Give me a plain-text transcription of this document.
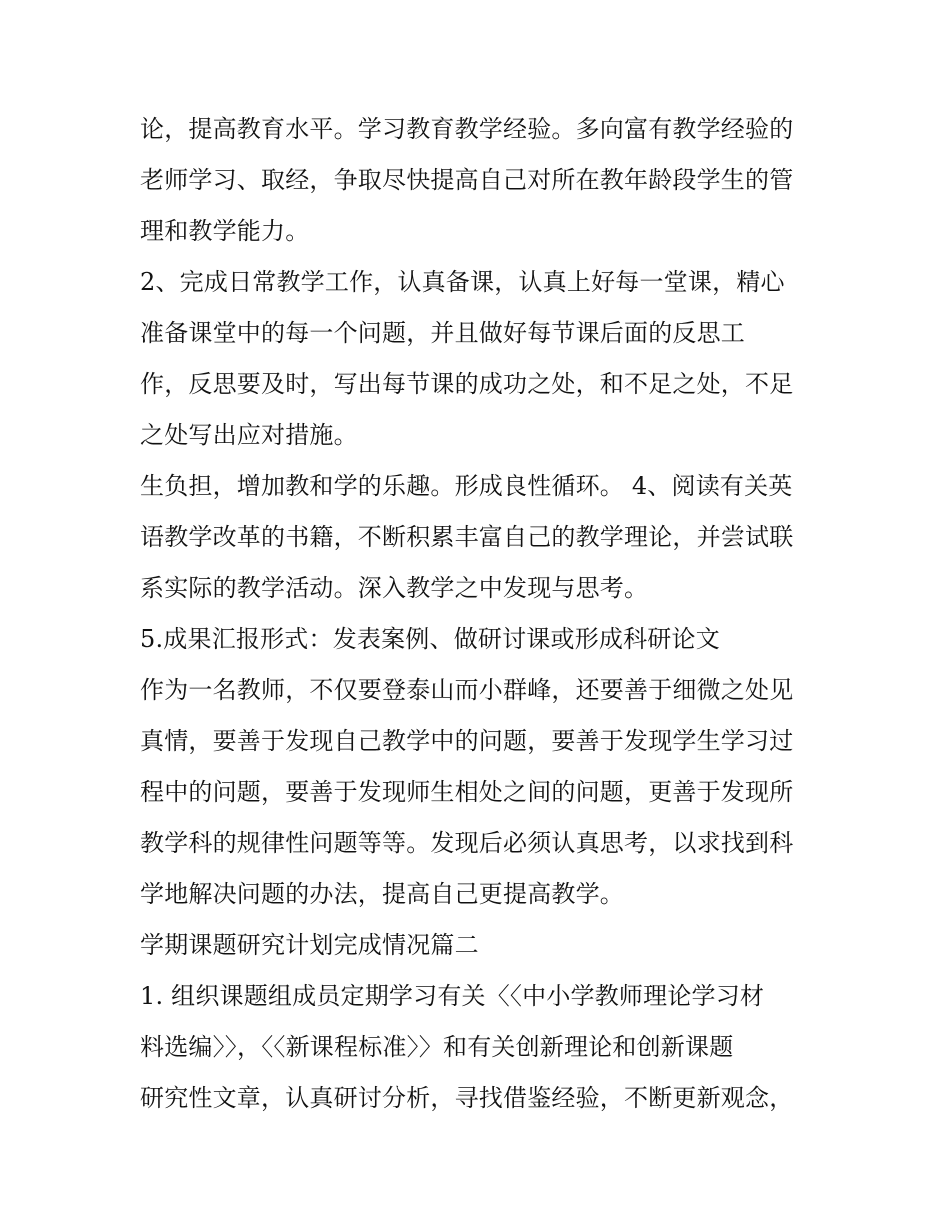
论，提高教育水平。学习教育教学经验。多向富有教学经验的
老师学习、取经，争取尽快提高自己对所在教年龄段学生的管
理和教学能力。
2、完成日常教学工作，认真备课，认真上好每一堂课，精心
准备课堂中的每一个问题，并且做好每节课后面的反思工
作，反思要及时，写出每节课的成功之处，和不足之处，不足
之处写出应对措施。
生负担，增加教和学的乐趣。形成良性循环。 4、阅读有关英
语教学改革的书籍，不断积累丰富自己的教学理论，并尝试联
系实际的教学活动。深入教学之中发现与思考。
5.成果汇报形式：发表案例、做研讨课或形成科研论文
作为一名教师，不仅要登泰山而小群峰，还要善于细微之处见
真情，要善于发现自己教学中的问题，要善于发现学生学习过
程中的问题，要善于发现师生相处之间的问题，更善于发现所
教学科的规律性问题等等。发现后必须认真思考，以求找到科
学地解决问题的办法，提高自己更提高教学。
学期课题研究计划完成情况篇二
1. 组织课题组成员定期学习有关〈〈中小学教师理论学习材
料选编〉〉，〈〈新课程标准〉〉和有关创新理论和创新课题
研究性文章，认真研讨分析，寻找借鉴经验，不断更新观念，
